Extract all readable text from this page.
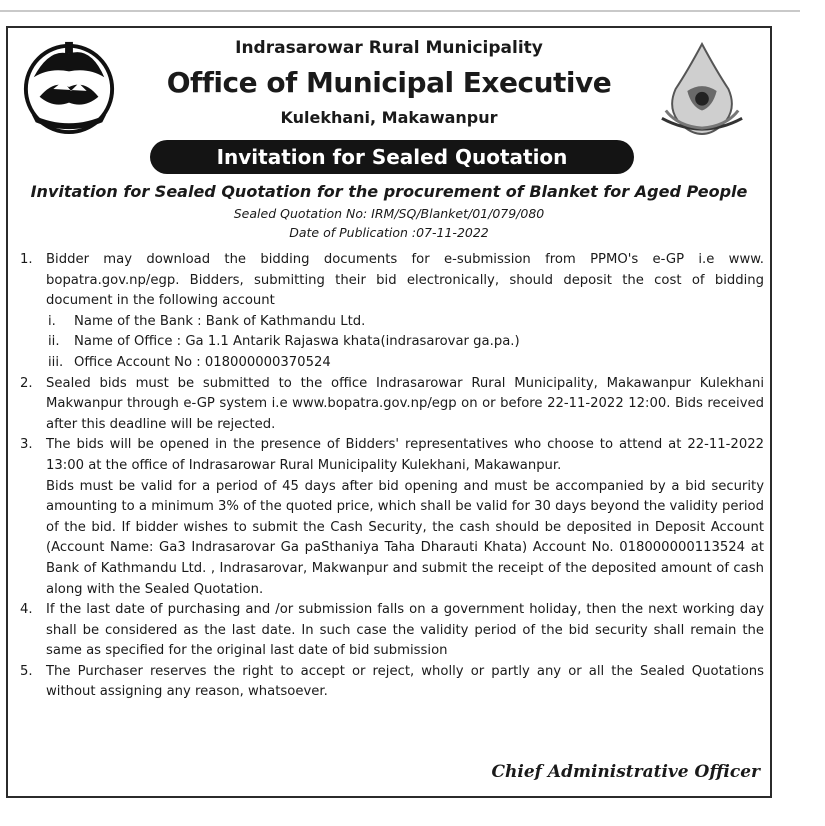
Indrasarowar Rural Municipality
Office of Municipal Executive
Kulekhani, Makawanpur
Invitation for Sealed Quotation
Invitation for Sealed Quotation for the procurement of Blanket for Aged People
Sealed Quotation No: IRM/SQ/Blanket/01/079/080
Date of Publication :07-11-2022
1. Bidder may download the bidding documents for e-submission from PPMO's e-GP i.e www. bopatra.gov.np/egp. Bidders, submitting their bid electronically, should deposit the cost of bidding document in the following account
i. Name of the Bank : Bank of Kathmandu Ltd.
ii. Name of Office : Ga 1.1 Antarik Rajaswa khata(indrasarovar ga.pa.)
iii. Office Account No : 018000000370524
2. Sealed bids must be submitted to the office Indrasarowar Rural Municipality, Makawanpur Kulekhani Makwanpur through e-GP system i.e www.bopatra.gov.np/egp on or before 22-11-2022 12:00. Bids received after this deadline will be rejected.
3. The bids will be opened in the presence of Bidders' representatives who choose to attend at 22-11-2022 13:00 at the office of Indrasarowar Rural Municipality Kulekhani, Makawanpur.
Bids must be valid for a period of 45 days after bid opening and must be accompanied by a bid security amounting to a minimum 3% of the quoted price, which shall be valid for 30 days beyond the validity period of the bid. If bidder wishes to submit the Cash Security, the cash should be deposited in Deposit Account (Account Name: Ga3 Indrasarovar Ga paSthaniya Taha Dharauti Khata) Account No. 018000000113524 at Bank of Kathmandu Ltd. , Indrasarovar, Makwanpur and submit the receipt of the deposited amount of cash along with the Sealed Quotation.
4. If the last date of purchasing and /or submission falls on a government holiday, then the next working day shall be considered as the last date. In such case the validity period of the bid security shall remain the same as specified for the original last date of bid submission
5. The Purchaser reserves the right to accept or reject, wholly or partly any or all the Sealed Quotations without assigning any reason, whatsoever.
Chief Administrative Officer
